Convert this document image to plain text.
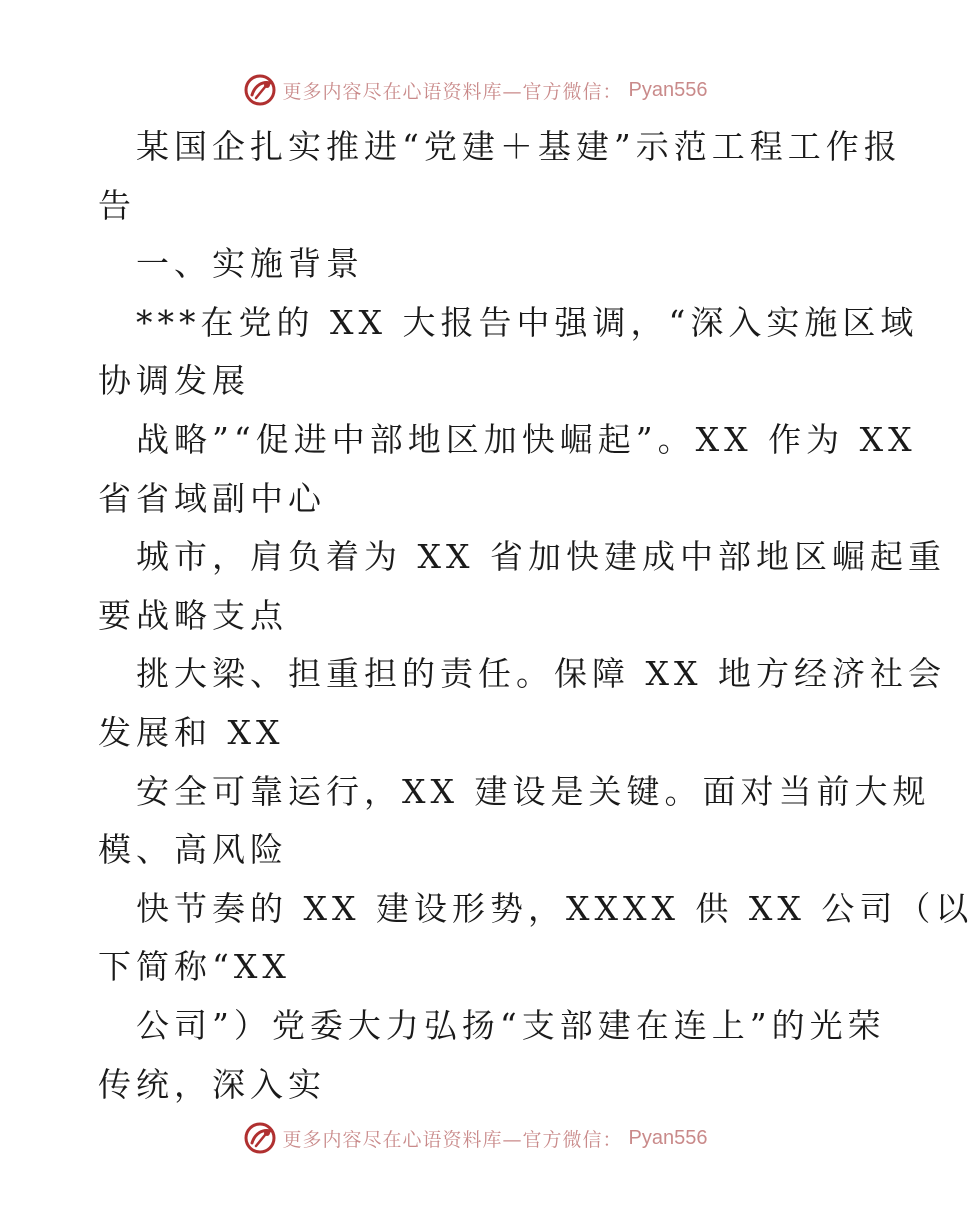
更多内容尽在心语资料库—官方微信： Pyan556
某国企扎实推进“党建＋基建”示范工程工作报
告
一、实施背景
***在党的 XX 大报告中强调，“深入实施区域
协调发展
战略”“促进中部地区加快崛起”。XX 作为 XX
省省域副中心
城市，肩负着为 XX 省加快建成中部地区崛起重
要战略支点
挑大梁、担重担的责任。保障 XX 地方经济社会
发展和 XX
安全可靠运行，XX 建设是关键。面对当前大规
模、高风险
快节奏的 XX 建设形势，XXXX 供 XX 公司（以
下简称“XX
公司”）党委大力弘扬“支部建在连上”的光荣
传统，深入实
更多内容尽在心语资料库—官方微信： Pyan556
